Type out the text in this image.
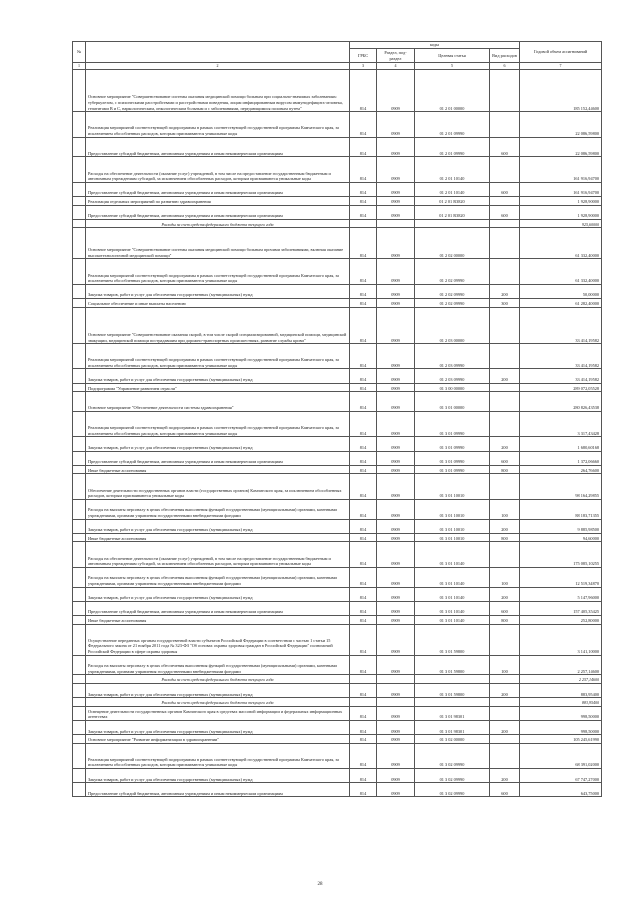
№		коды				Годовой объем ассигнований
		ГРБС	Раздел, под-раздел	Целевая статья	Вид расходов	
1	2	3	4	5	6	7
	Основное мероприятие "Совершенствование системы оказания медицинской помощи больным при социально-значимых заболеваниях: туберкулезом, с психическими расстройствами и расстройствами поведения, лицам инфицированным вирусом иммунодефицита человека, гепатитами B и C, наркологическим, онкологическим больным и с заболеваниями, передающимися половым путем"	814	0909	01 2 01 00000		185 152,44600
	Реализация мероприятий соответствующей подпрограммы в рамках соответствующей государственной программы Камчатского края, за исключением обособленных расходов, которым присваиваются уникальные коды	814	0909	01 2 01 09990		22 086,59800
	Предоставление субсидий бюджетным, автономным учреждениям и иным некоммерческим организациям	814	0909	01 2 01 09990	600	22 086,59800
	Расходы на обеспечение деятельности (оказание услуг) учреждений, в том числе на предоставление государственным бюджетным и автономным учреждениям субсидий, за исключением обособленных расходов, которым присваиваются уникальные коды	814	0909	01 2 01 10140		161 916,94700
	Предоставление субсидий бюджетным, автономным учреждениям и иным некоммерческим организациям	814	0909	01 2 01 10140	600	161 916,94700
	Реализация отдельных мероприятий по развитию здравоохранения	814	0909	01 2 01 R3820		1 928,90000
	Предоставление субсидий бюджетным, автономным учреждениям и иным некоммерческим организациям	814	0909	01 2 01 R3820	600	1 928,90000
	Расходы за счет средств федерального бюджета текущего года					925,60000
	Основное мероприятие "Совершенствование системы оказания медицинской помощи больным прочими заболеваниями, включая оказание высокотехнологичной медицинской помощи"	814	0909	01 2 02 00000		61 332,40000
	Реализация мероприятий соответствующей подпрограммы в рамках соответствующей государственной программы Камчатского края, за исключением обособленных расходов, которым присваиваются уникальные коды	814	0909	01 2 02 09990		61 332,40000
	Закупка товаров, работ и услуг для обеспечения государственных (муниципальных) нужд	814	0909	01 2 02 09990	200	50,00000
	Социальное обеспечение и иные выплаты населению	814	0909	01 2 02 09990	300	61 282,40000
	Основное мероприятие "Совершенствование оказания скорой, в том числе скорой специализированной, медицинской помощи, медицинской эвакуации, медицинской помощи пострадавшим при дорожно-транспортных происшествиях, развитие службы крови"	814	0909	01 2 03 00000		33 414,19582
	Реализация мероприятий соответствующей подпрограммы в рамках соответствующей государственной программы Камчатского края, за исключением обособленных расходов, которым присваиваются уникальные коды	814	0909	01 2 03 09990		33 414,19582
	Закупка товаров, работ и услуг для обеспечения государственных (муниципальных) нужд	814	0909	01 2 03 09990	200	33 414,19582
	Подпрограмма "Управление развитием отрасли"	814	0909	01 3 00 00000		289 072,05528
	Основное мероприятие "Обеспечение деятельности системы здравоохранения"	814	0909	01 3 01 00000		280 826,43538
	Реализация мероприятий соответствующей подпрограммы в рамках соответствующей государственной программы Камчатского края, за исключением обособленных расходов, которым присваиваются уникальные коды	814	0909	01 3 01 09990		3 317,43428
	Закупка товаров, работ и услуг для обеспечения государственных (муниципальных) нужд	814	0909	01 3 01 09990	200	1 680,60168
	Предоставление субсидий бюджетным, автономным учреждениям и иным некоммерческим организациям	814	0909	01 3 01 09990	600	1 372,06660
	Иные бюджетные ассигнования	814	0909	01 3 01 09990	800	264,76600
	Обеспечение деятельности государственных органов власти (государственных органов) Камчатского края, за исключением обособленных расходов, которым присваиваются уникальные коды	814	0909	01 3 01 10010		98 164,29855
	Расходы на выплаты персоналу в целях обеспечения выполнения функций государственными (муниципальными) органами, казенными учреждениями, органами управления государственными внебюджетными фондами	814	0909	01 3 01 10010	100	88 183,71355
	Закупка товаров, работ и услуг для обеспечения государственных (муниципальных) нужд	814	0909	01 3 01 10010	200	9 885,98500
	Иные бюджетные ассигнования	814	0909	01 3 01 10010	800	94,60000
	Расходы на обеспечение деятельности (оказание услуг) учреждений, в том числе на предоставление государственным бюджетным и автономным учреждениям субсидий, за исключением обособленных расходов, которым присваиваются уникальные коды	814	0909	01 3 01 10140		175 085,10255
	Расходы на выплаты персоналу в целях обеспечения выполнения функций государственными (муниципальными) органами, казенными учреждениями, органами управления государственными внебюджетными фондами	814	0909	01 3 01 10140	100	12 519,34870
	Закупка товаров, работ и услуг для обеспечения государственных (муниципальных) нужд	814	0909	01 3 01 10140	200	5 147,96000
	Предоставление субсидий бюджетным, автономным учреждениям и иным некоммерческим организациям	814	0909	01 3 01 10140	600	157 405,35425
	Иные бюджетные ассигнования	814	0909	01 3 01 10140	800	252,80000
	Осуществление переданных органам государственной власти субъектов Российской Федерации в соответствии с частью 1 статьи 15 Федерального закона от 21 ноября 2011 года № 323-ФЗ "Об основах охраны здоровья граждан в Российской Федерации" полномочий Российской Федерации в сфере охраны здоровья	814	0909	01 3 01 59800		3 141,10000
	Расходы на выплаты персоналу в целях обеспечения выполнения функций государственными (муниципальными) органами, казенными учреждениями, органами управления государственными внебюджетными фондами	814	0909	01 3 01 59800	100	2 257,14600
	Расходы за счет средств федерального бюджета текущего года					2 257,14600
	Закупка товаров, работ и услуг для обеспечения государственных (муниципальных) нужд	814	0909	01 3 01 59800	200	883,95400
	Расходы за счет средств федерального бюджета текущего года					883,95400
	Освещение деятельности государственных органов Камчатского края в средствах массовой информации и федеральных информационных агентствах	814	0909	01 3 01 98301		998,50000
	Закупка товаров, работ и услуг для обеспечения государственных (муниципальных) нужд	814	0909	01 3 01 98301	200	998,50000
	Основное мероприятие "Развитие информатизации в здравоохранении"	814	0909	01 3 02 00000		105 245,61990
	Реализация мероприятий соответствующей подпрограммы в рамках соответствующей государственной программы Камчатского края, за исключением обособленных расходов, которым присваиваются уникальные коды	814	0909	01 3 02 09990		68 391,02000
	Закупка товаров, работ и услуг для обеспечения государственных (муниципальных) нужд	814	0909	01 3 02 09990	200	67 747,27000
	Предоставление субсидий бюджетным, автономным учреждениям и иным некоммерческим организациям	814	0909	01 3 02 09990	600	643,75000
28
